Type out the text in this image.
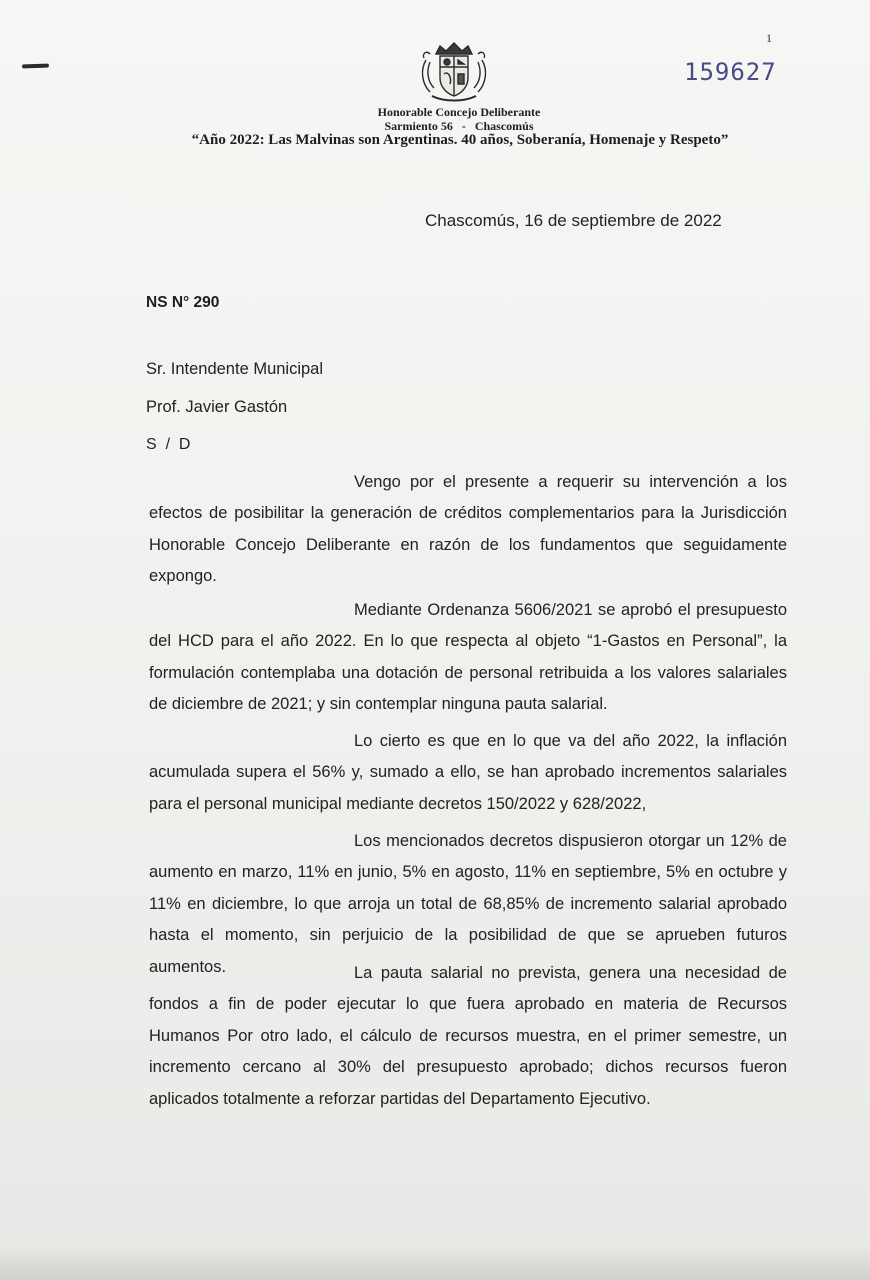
1
159627
Honorable Concejo Deliberante
Sarmiento 56   -   Chascomús
“Año 2022: Las Malvinas son Argentinas. 40 años, Soberanía, Homenaje y Respeto”
Chascomús, 16 de septiembre de 2022
NS N° 290
Sr. Intendente Municipal
Prof. Javier Gastón
S  /  D

Vengo por el presente a requerir su intervención a los efectos de posibilitar la generación de créditos complementarios para la Jurisdicción Honorable Concejo Deliberante en razón de los fundamentos que seguidamente expongo.

Mediante Ordenanza 5606/2021 se aprobó el presupuesto del HCD para el año 2022. En lo que respecta al objeto “1-Gastos en Personal”, la formulación contemplaba una dotación de personal retribuida a los valores salariales de diciembre de 2021; y sin contemplar ninguna pauta salarial.

Lo cierto es que en lo que va del año 2022, la inflación acumulada supera el 56% y, sumado a ello, se han aprobado incrementos salariales para el personal municipal mediante decretos 150/2022 y 628/2022,

Los mencionados decretos dispusieron otorgar un 12% de aumento en marzo, 11% en junio, 5% en agosto, 11% en septiembre, 5% en octubre y 11% en diciembre, lo que arroja un total de 68,85% de incremento salarial aprobado hasta el momento, sin perjuicio de la posibilidad de que se aprueben futuros aumentos.	La pauta salarial no prevista, genera una necesidad de fondos a fin de poder ejecutar lo que fuera aprobado en materia de Recursos Humanos Por otro lado, el cálculo de recursos muestra, en el primer semestre, un incremento cercano al 30% del presupuesto aprobado; dichos recursos fueron aplicados totalmente a reforzar partidas del Departamento Ejecutivo.
